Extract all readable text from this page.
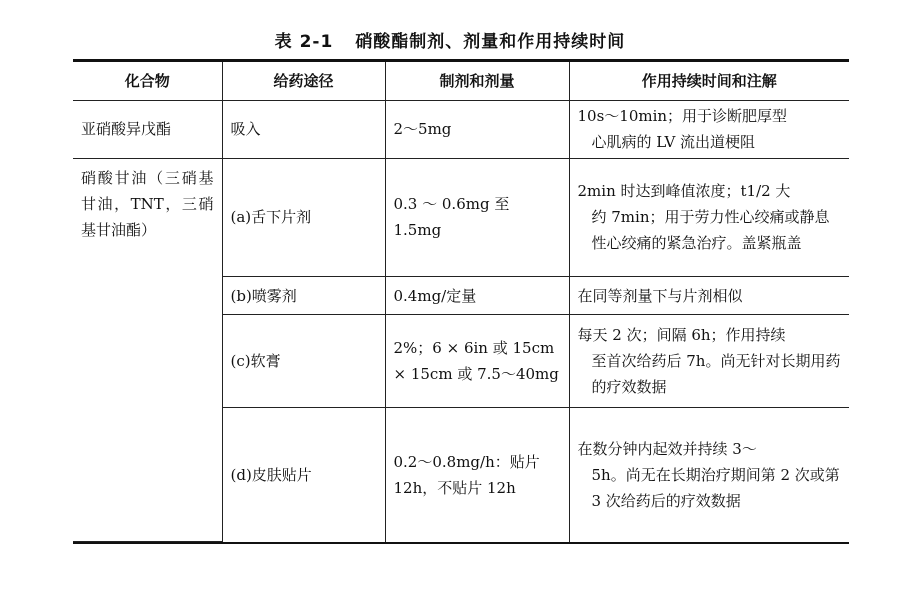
表 2-1 硝酸酯制剂、剂量和作用持续时间
化合物	给药途径	制剂和剂量	作用持续时间和注解
亚硝酸异戊酯	吸入	2～5mg	10s～10min；用于诊断肥厚型
心肌病的 LV 流出道梗阻

硝酸甘油（三硝基甘油，TNT，三硝基甘油酯）	(a)舌下片剂	0.3 ～ 0.6mg 至 1.5mg	2min 时达到峰值浓度；t1/2 大
约 7min；用于劳力性心绞痛或静息性心绞痛的紧急治疗。盖紧瓶盖

	(b)喷雾剂	0.4mg/定量	在同等剂量下与片剂相似

	(c)软膏	2%；6 × 6in 或 15cm × 15cm 或 7.5～40mg	每天 2 次；间隔 6h；作用持续
至首次给药后 7h。尚无针对长期用药的疗效数据

	(d)皮肤贴片	0.2～0.8mg/h：贴片 12h，不贴片 12h	在数分钟内起效并持续 3～
5h。尚无在长期治疗期间第 2 次或第 3 次给药后的疗效数据
